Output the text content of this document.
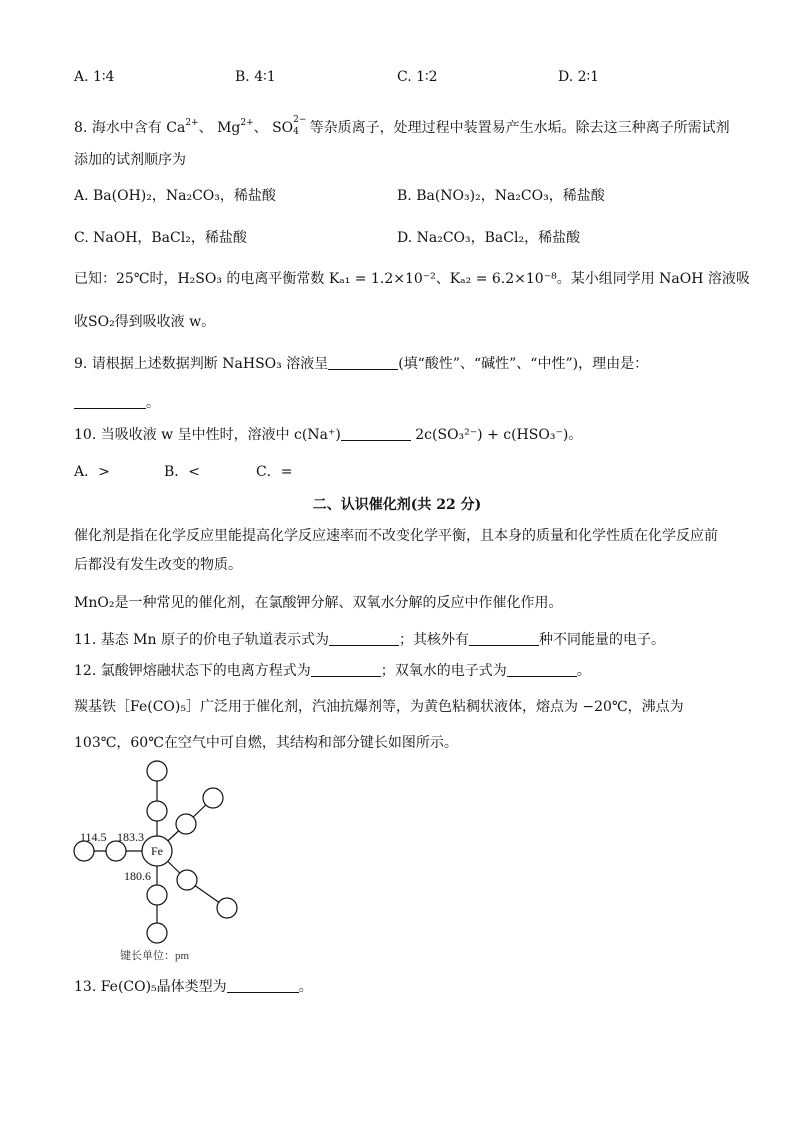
A. 1∶4	B. 4∶1	C. 1∶2	D. 2∶1
8. 海水中含有 $Ca^{2+}$、 $Mg^{2+}$、 SO 2−
4 等杂质离子，处理过程中装置易产生水垢。除去这三种离子所需试剂
添加的试剂顺序为
A. Ba(OH)₂，Na₂CO₃，稀盐酸	B. Ba(NO₃)₂，Na₂CO₃，稀盐酸
C. NaOH，BaCl₂，稀盐酸	D. Na₂CO₃，BaCl₂，稀盐酸
已知：25℃时，H₂SO₃ 的电离平衡常数 Kₐ₁ = 1.2×10⁻²、Kₐ₂ = 6.2×10⁻⁸。某小组同学用 NaOH 溶液吸
收SO₂得到吸收液 w。
9. 请根据上述数据判断 NaHSO₃ 溶液呈	(填“酸性”、“碱性”、“中性”)，理由是：
。
10. 当吸收液 w 呈中性时，溶液中 c(Na⁺)	2c(SO₃²⁻) + c(HSO₃⁻)。
A．>	B．<	C．=
二、认识催化剂(共 22 分)
催化剂是指在化学反应里能提高化学反应速率而不改变化学平衡，且本身的质量和化学性质在化学反应前
后都没有发生改变的物质。
MnO₂是一种常见的催化剂，在氯酸钾分解、双氧水分解的反应中作催化作用。
11. 基态 Mn 原子的价电子轨道表示式为	；其核外有	种不同能量的电子。
12. 氯酸钾熔融状态下的电离方程式为	；双氧水的电子式为	。
羰基铁［Fe(CO)₅］广泛用于催化剂，汽油抗爆剂等，为黄色粘稠状液体，熔点为 −20℃，沸点为
103℃，60℃在空气中可自燃，其结构和部分键长如图所示。
Fe
114.5 183.3
180.6
键长单位：pm
13. Fe(CO)₅晶体类型为	。
